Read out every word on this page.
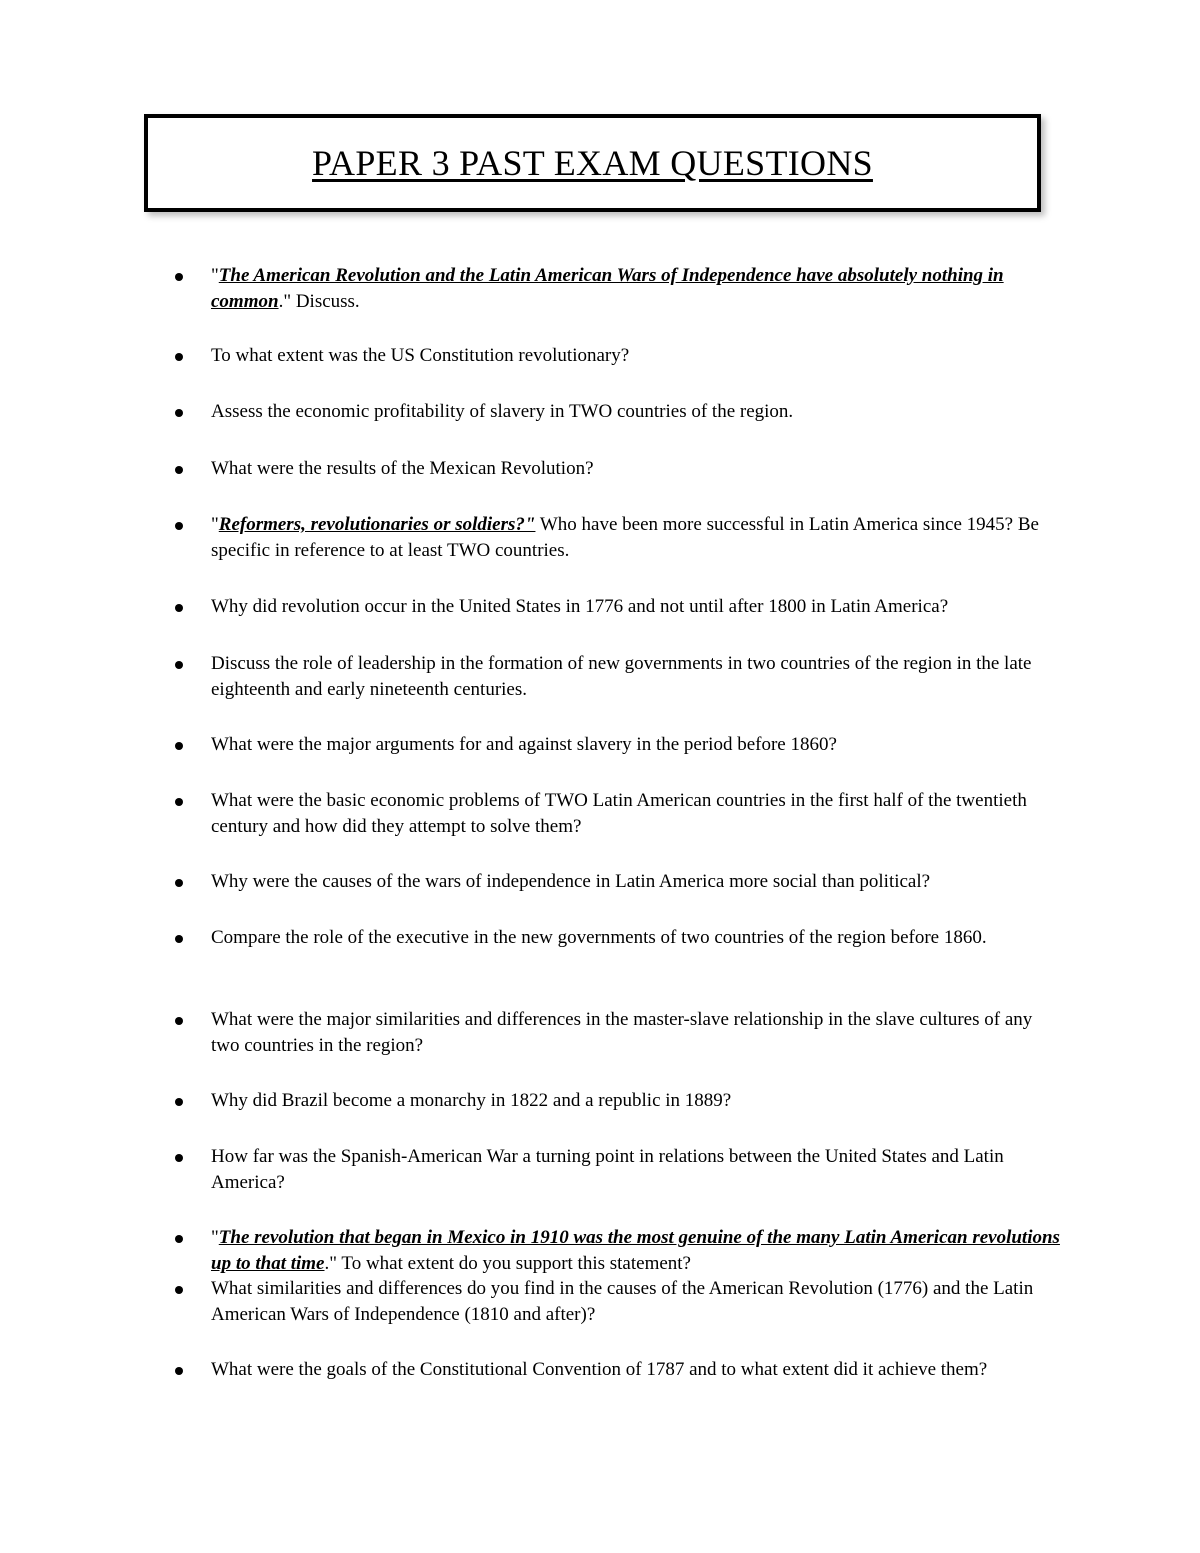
PAPER 3 PAST EXAM QUESTIONS
"The American Revolution and the Latin American Wars of Independence have absolutely nothing in common." Discuss.
To what extent was the US Constitution revolutionary?
Assess the economic profitability of slavery in TWO countries of the region.
What were the results of the Mexican Revolution?
"Reformers, revolutionaries or soldiers?" Who have been more successful in Latin America since 1945? Be specific in reference to at least TWO countries.
Why did revolution occur in the United States in 1776 and not until after 1800 in Latin America?
Discuss the role of leadership in the formation of new governments in two countries of the region in the late eighteenth and early nineteenth centuries.
What were the major arguments for and against slavery in the period before 1860?
What were the basic economic problems of TWO Latin American countries in the first half of the twentieth century and how did they attempt to solve them?
Why were the causes of the wars of independence in Latin America more social than political?
Compare the role of the executive in the new governments of two countries of the region before 1860.
What were the major similarities and differences in the master-slave relationship in the slave cultures of any two countries in the region?
Why did Brazil become a monarchy in 1822 and a republic in 1889?
How far was the Spanish-American War a turning point in relations between the United States and Latin America?
"The revolution that began in Mexico in 1910 was the most genuine of the many Latin American revolutions up to that time." To what extent do you support this statement?
What similarities and differences do you find in the causes of the American Revolution (1776) and the Latin American Wars of Independence (1810 and after)?
What were the goals of the Constitutional Convention of 1787 and to what extent did it achieve them?
